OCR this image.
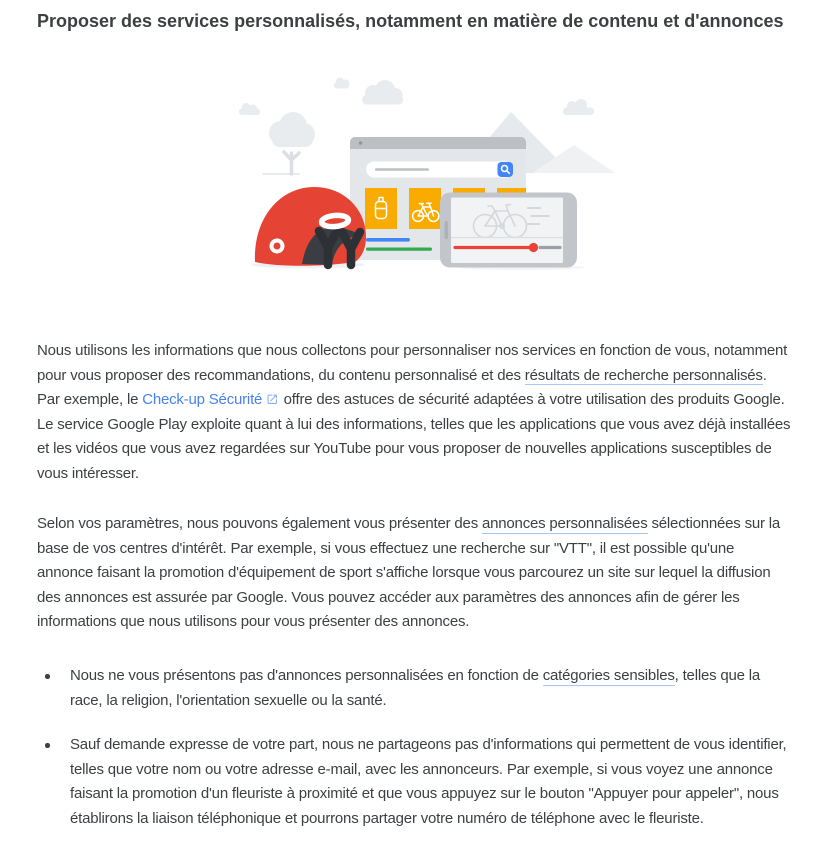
Proposer des services personnalisés, notamment en matière de contenu et d'annonces

Nous utilisons les informations que nous collectons pour personnaliser nos services en fonction de vous, notamment pour vous proposer des recommandations, du contenu personnalisé et des résultats de recherche personnalisés. Par exemple, le Check-up Sécurité offre des astuces de sécurité adaptées à votre utilisation des produits Google. Le service Google Play exploite quant à lui des informations, telles que les applications que vous avez déjà installées et les vidéos que vous avez regardées sur YouTube pour vous proposer de nouvelles applications susceptibles de vous intéresser.

Selon vos paramètres, nous pouvons également vous présenter des annonces personnalisées sélectionnées sur la base de vos centres d'intérêt. Par exemple, si vous effectuez une recherche sur "VTT", il est possible qu'une annonce faisant la promotion d'équipement de sport s'affiche lorsque vous parcourez un site sur lequel la diffusion des annonces est assurée par Google. Vous pouvez accéder aux paramètres des annonces afin de gérer les informations que nous utilisons pour vous présenter des annonces.

Nous ne vous présentons pas d'annonces personnalisées en fonction de catégories sensibles, telles que la race, la religion, l'orientation sexuelle ou la santé.
Sauf demande expresse de votre part, nous ne partageons pas d'informations qui permettent de vous identifier, telles que votre nom ou votre adresse e-mail, avec les annonceurs. Par exemple, si vous voyez une annonce faisant la promotion d'un fleuriste à proximité et que vous appuyez sur le bouton "Appuyer pour appeler", nous établirons la liaison téléphonique et pourrons partager votre numéro de téléphone avec le fleuriste.
